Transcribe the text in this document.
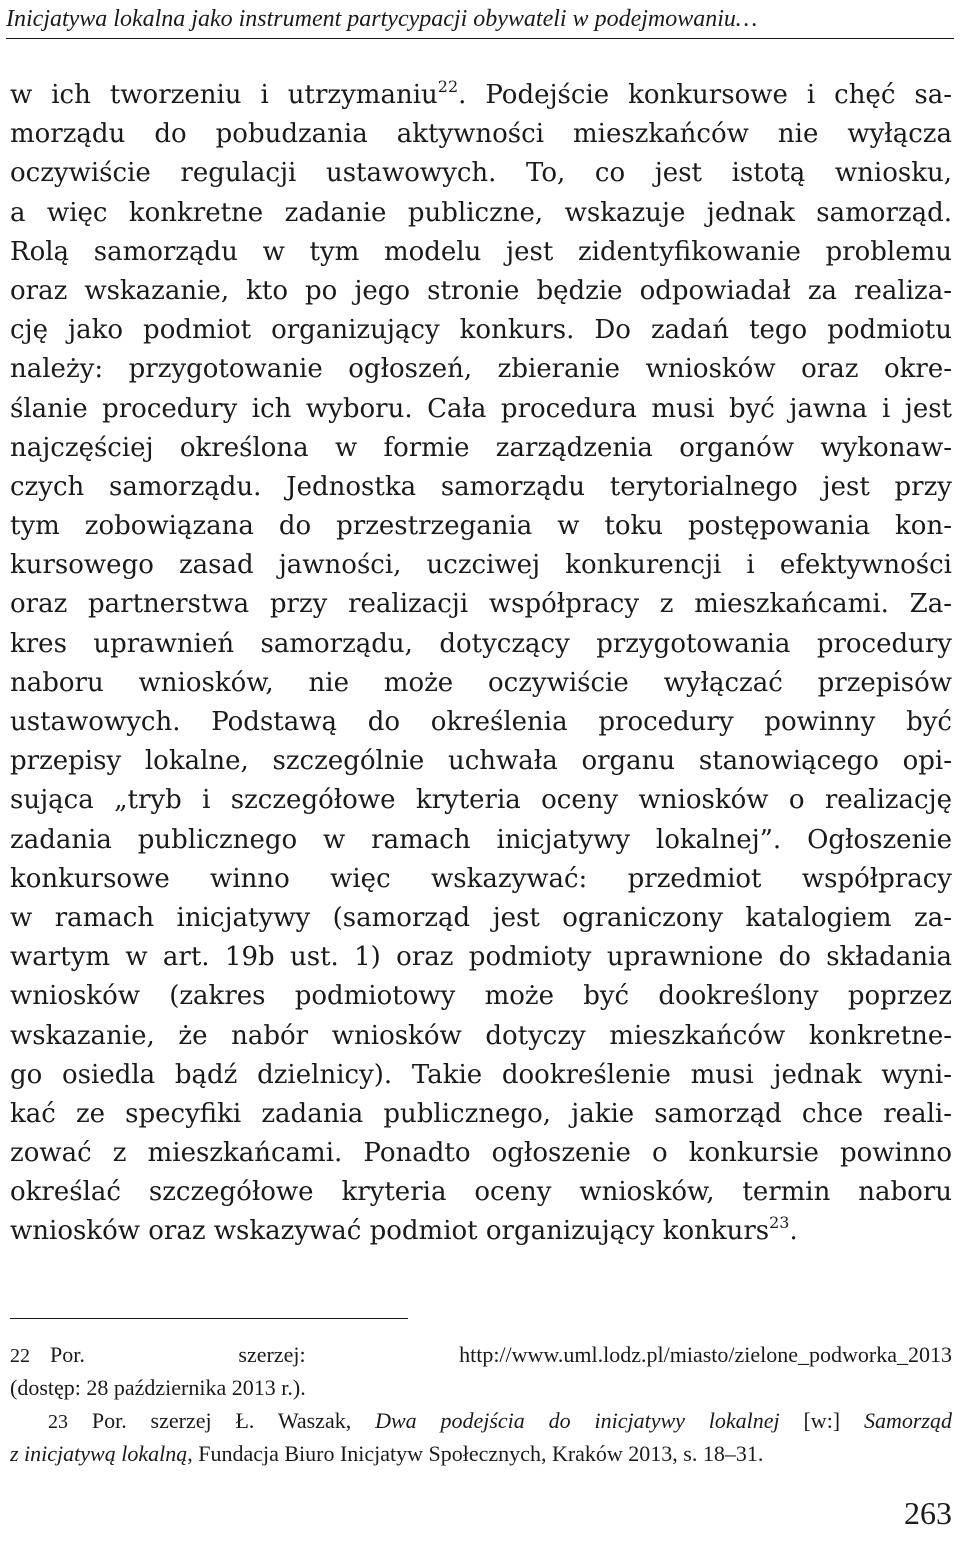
Inicjatywa lokalna jako instrument partycypacji obywateli w podejmowaniu…
w ich tworzeniu i utrzymaniu$^{22}$. Podejście konkursowe i chęć sa-
morządu do pobudzania aktywności mieszkańców nie wyłącza
oczywiście regulacji ustawowych. To, co jest istotą wniosku,
a więc konkretne zadanie publiczne, wskazuje jednak samorząd.
Rolą samorządu w tym modelu jest zidentyfikowanie problemu
oraz wskazanie, kto po jego stronie będzie odpowiadał za realiza-
cję jako podmiot organizujący konkurs. Do zadań tego podmiotu
należy: przygotowanie ogłoszeń, zbieranie wniosków oraz okre-
ślanie procedury ich wyboru. Cała procedura musi być jawna i jest
najczęściej określona w formie zarządzenia organów wykonaw-
czych samorządu. Jednostka samorządu terytorialnego jest przy
tym zobowiązana do przestrzegania w toku postępowania kon-
kursowego zasad jawności, uczciwej konkurencji i efektywności
oraz partnerstwa przy realizacji współpracy z mieszkańcami. Za-
kres uprawnień samorządu, dotyczący przygotowania procedury
naboru wniosków, nie może oczywiście wyłączać przepisów
ustawowych. Podstawą do określenia procedury powinny być
przepisy lokalne, szczególnie uchwała organu stanowiącego opi-
sująca „tryb i szczegółowe kryteria oceny wniosków o realizację
zadania publicznego w ramach inicjatywy lokalnej”. Ogłoszenie
konkursowe winno więc wskazywać: przedmiot współpracy
w ramach inicjatywy (samorząd jest ograniczony katalogiem za-
wartym w art. 19b ust. 1) oraz podmioty uprawnione do składania
wniosków (zakres podmiotowy może być dookreślony poprzez
wskazanie, że nabór wniosków dotyczy mieszkańców konkretne-
go osiedla bądź dzielnicy). Takie dookreślenie musi jednak wyni-
kać ze specyfiki zadania publicznego, jakie samorząd chce reali-
zować z mieszkańcami. Ponadto ogłoszenie o konkursie powinno
określać szczegółowe kryteria oceny wniosków, termin naboru
wniosków oraz wskazywać podmiot organizujący konkurs$^{23}$.
22 Por. szerzej: http://www.uml.lodz.pl/miasto/zielone_podworka_2013
(dostęp: 28 października 2013 r.).
23 Por. szerzej Ł. Waszak, Dwa podejścia do inicjatywy lokalnej [w:] Samorząd
z inicjatywą lokalną, Fundacja Biuro Inicjatyw Społecznych, Kraków 2013, s. 18–31.
263
